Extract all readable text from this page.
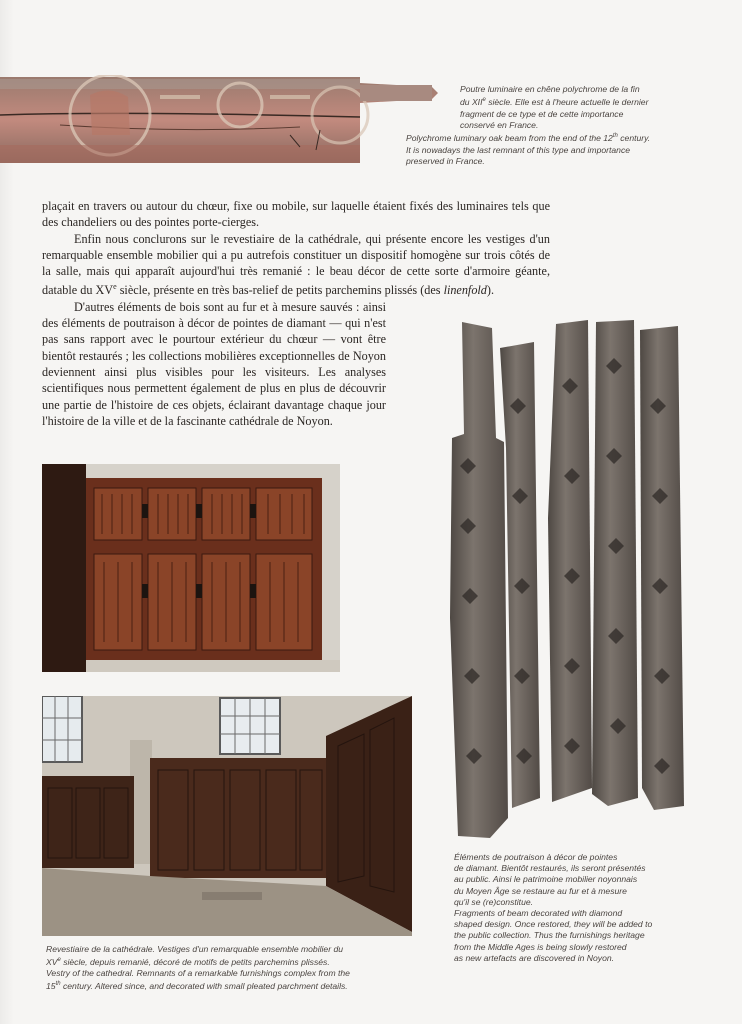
Poutre luminaire en chêne polychrome de la fin

du XIIe siècle. Elle est à l'heure actuelle le dernier

fragment de ce type et de cette importance

conservé en France.

Polychrome luminary oak beam from the end of the 12th century.

It is nowadays the last remnant of this type and importance

preserved in France.

plaçait en travers ou autour du chœur, fixe ou mobile, sur laquelle étaient fixés des luminaires tels que des chandeliers ou des pointes porte-cierges.

Enfin nous conclurons sur le revestiaire de la cathédrale, qui présente encore les vestiges d'un remarquable ensemble mobilier qui a pu autrefois constituer un dispositif homogène sur trois côtés de la salle, mais qui apparaît aujourd'hui très remanié : le beau décor de cette sorte d'armoire géante, datable du XVe siècle, présente en très bas-relief de petits parchemins plissés (des linenfold).

D'autres éléments de bois sont au fur et à mesure sauvés : ainsi des éléments de poutraison à décor de pointes de diamant — qui n'est pas sans rapport avec le pourtour extérieur du chœur — vont être bientôt restaurés ; les collections mobilières exceptionnelles de Noyon deviennent ainsi plus visibles pour les visiteurs. Les analyses scientifiques nous permettent également de plus en plus de découvrir une partie de l'histoire de ces objets, éclairant davantage chaque jour l'histoire de la ville et de la fascinante cathédrale de Noyon.

Éléments de poutraison à décor de pointes

de diamant. Bientôt restaurés, ils seront présentés

au public. Ainsi le patrimoine mobilier noyonnais

du Moyen Âge se restaure au fur et à mesure

qu'il se (re)constitue.

Fragments of beam decorated with diamond

shaped design. Once restored, they will be added to

the public collection. Thus the furnishings heritage

from the Middle Ages is being slowly restored

as new artefacts are discovered in Noyon.

Revestiaire de la cathédrale. Vestiges d'un remarquable ensemble mobilier du

XVe siècle, depuis remanié, décoré de motifs de petits parchemins plissés.

Vestry of the cathedral. Remnants of a remarkable furnishings complex from the

15th century. Altered since, and decorated with small pleated parchment details.
